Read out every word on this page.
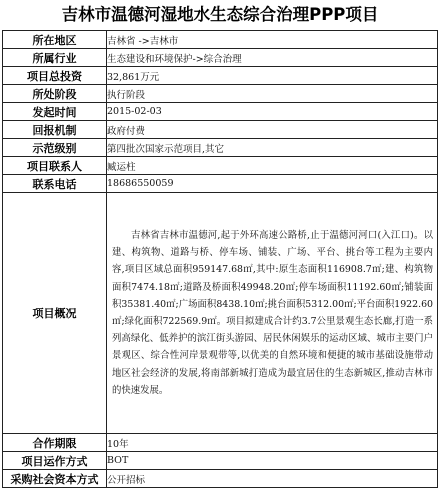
吉林市温德河湿地水生态综合治理PPP项目
所在地区	吉林省 ->吉林市
所属行业	生态建设和环境保护->综合治理
项目总投资	32,861万元
所处阶段	执行阶段
发起时间	2015-02-03
回报机制	政府付费
示范级别	第四批次国家示范项目,其它
项目联系人	臧运柱
联系电话	18686550059
项目概况	吉林省吉林市温德河,起于外环高速公路桥,止于温德河河口(入江口)。以建、构筑物、道路与桥、停车场、铺装、广场、平台、挑台等工程为主要内容,项目区域总面积959147.68㎡,其中:原生态面积116908.7㎡;建、构筑物面积7474.18㎡;道路及桥面积49948.20㎡;停车场面积11192.60㎡;铺装面积35381.40㎡;广场面积8438.10㎡;挑台面积5312.00㎡;平台面积1922.60㎡;绿化面积722569.9㎡。项目拟建成合计约3.7公里景观生态长廊,打造一系列高绿化、低养护的滨江街头游园、居民休闲娱乐的运动区域、城市主要门户景观区、综合性河岸景观带等,以优美的自然环境和便捷的城市基础设施带动地区社会经济的发展,将南部新城打造成为最宜居住的生态新城区,推动吉林市的快速发展。
合作期限	10年
项目运作方式	BOT
采购社会资本方式	公开招标
